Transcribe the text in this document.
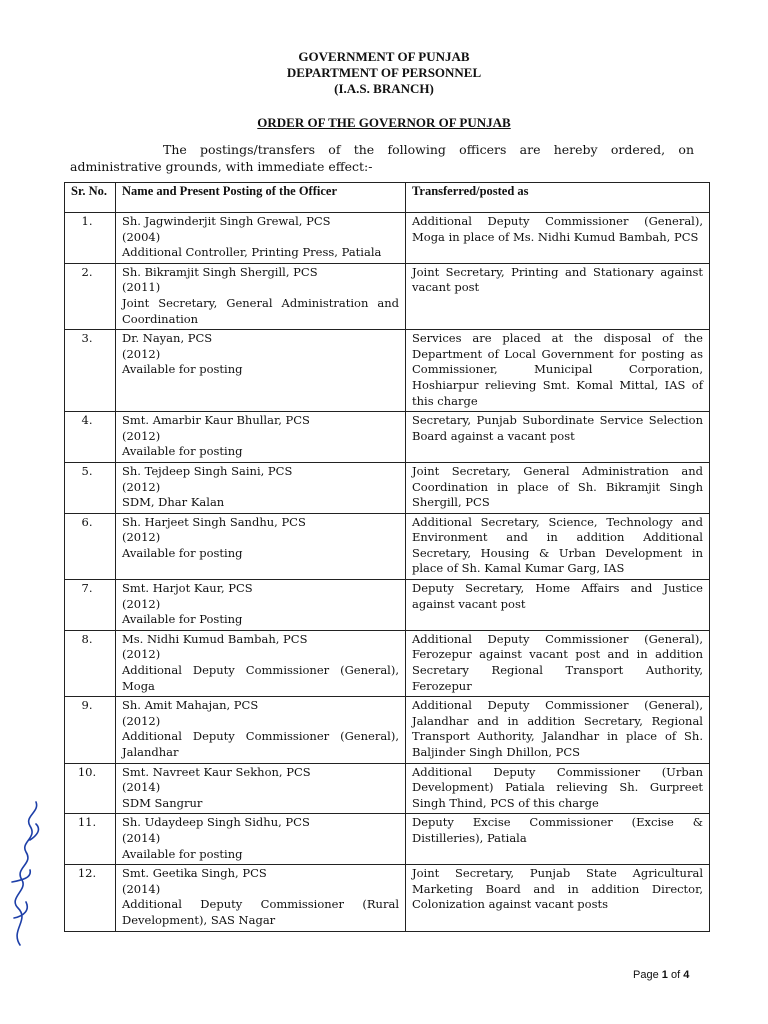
GOVERNMENT OF PUNJAB
DEPARTMENT OF PERSONNEL
(I.A.S. BRANCH)
ORDER OF THE GOVERNOR OF PUNJAB
The postings/transfers of the following officers are hereby ordered, on administrative grounds, with immediate effect:-
Sr. No.	Name and Present Posting of the Officer	Transferred/posted as
1.	Sh. Jagwinderjit Singh Grewal, PCS
(2004)
Additional Controller, Printing Press, Patiala	Additional Deputy Commissioner (General), Moga in place of Ms. Nidhi Kumud Bambah, PCS
2.	Sh. Bikramjit Singh Shergill, PCS
(2011)
Joint Secretary, General Administration and Coordination	Joint Secretary, Printing and Stationary against vacant post
3.	Dr. Nayan, PCS
(2012)
Available for posting	Services are placed at the disposal of the Department of Local Government for posting as Commissioner, Municipal Corporation, Hoshiarpur relieving Smt. Komal Mittal, IAS of this charge
4.	Smt. Amarbir Kaur Bhullar, PCS
(2012)
Available for posting	Secretary, Punjab Subordinate Service Selection Board against a vacant post
5.	Sh. Tejdeep Singh Saini, PCS
(2012)
SDM, Dhar Kalan	Joint Secretary, General Administration and Coordination in place of Sh. Bikramjit Singh Shergill, PCS
6.	Sh. Harjeet Singh Sandhu, PCS
(2012)
Available for posting	Additional Secretary, Science, Technology and Environment and in addition Additional Secretary, Housing & Urban Development in place of Sh. Kamal Kumar Garg, IAS
7.	Smt. Harjot Kaur, PCS
(2012)
Available for Posting	Deputy Secretary, Home Affairs and Justice against vacant post
8.	Ms. Nidhi Kumud Bambah, PCS
(2012)
Additional Deputy Commissioner (General), Moga	Additional Deputy Commissioner (General), Ferozepur against vacant post and in addition Secretary Regional Transport Authority, Ferozepur
9.	Sh. Amit Mahajan, PCS
(2012)
Additional Deputy Commissioner (General), Jalandhar	Additional Deputy Commissioner (General), Jalandhar and in addition Secretary, Regional Transport Authority, Jalandhar in place of Sh. Baljinder Singh Dhillon, PCS
10.	Smt. Navreet Kaur Sekhon, PCS
(2014)
SDM Sangrur	Additional Deputy Commissioner (Urban Development) Patiala relieving Sh. Gurpreet Singh Thind, PCS of this charge
11.	Sh. Udaydeep Singh Sidhu, PCS
(2014)
Available for posting	Deputy Excise Commissioner (Excise & Distilleries), Patiala
12.	Smt. Geetika Singh, PCS
(2014)
Additional Deputy Commissioner (Rural Development), SAS Nagar	Joint Secretary, Punjab State Agricultural Marketing Board and in addition Director, Colonization against vacant posts
Page 1 of 4
